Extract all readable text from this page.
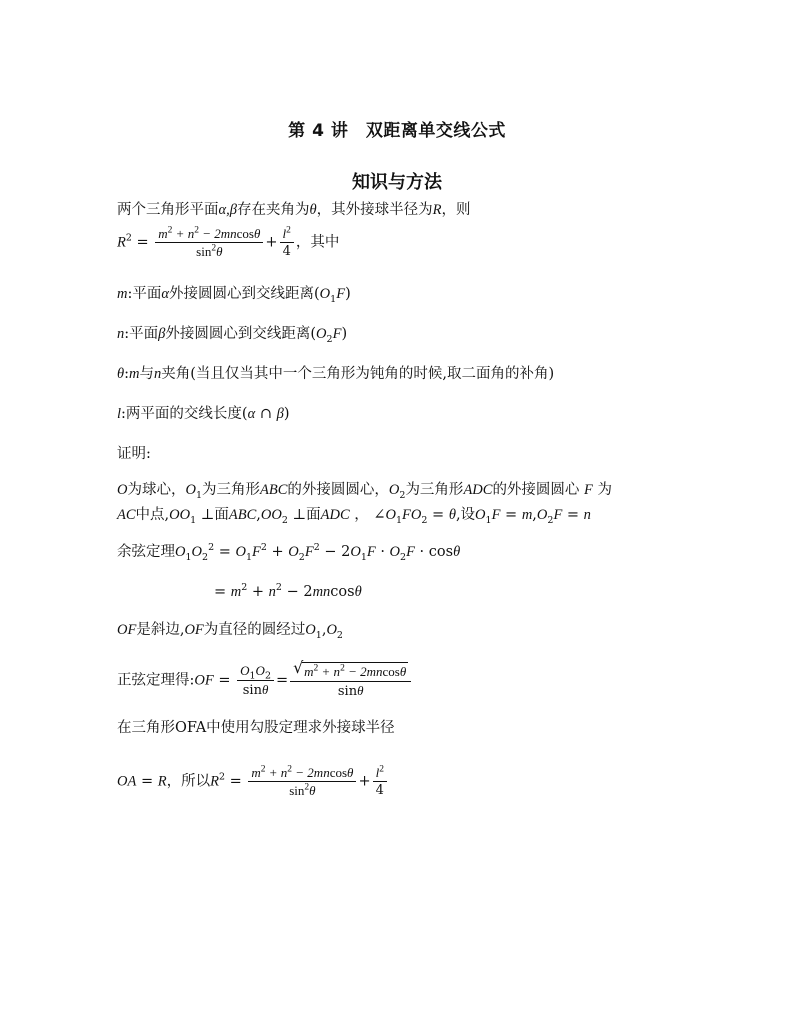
第 4 讲　双距离单交线公式
知识与方法
两个三角形平面α,β存在夹角为θ，其外接球半径为R，则
$R^2 = \frac{m^2 + n^2 - 2mncos\theta}{\sin^2\theta} + \frac{l^2}{4}$ ，其中
m:平面α外接圆圆心到交线距离$(O_1F)$
n:平面β外接圆圆心到交线距离$(O_2F)$
θ:m与n夹角(当且仅当其中一个三角形为钝角的时候,取二面角的补角)
l:两平面的交线长度(α ∩ β)
证明:
O为球心，$O_1$为三角形ABC的外接圆圆心，$O_2$为三角形ADC的外接圆圆心 F 为
AC中点$,OO_1$ ⊥面$ABC,OO_2$ ⊥面ADC ， $\angle O_1FO_2 = \theta$,设$O_1F = m,O_2F = n$
余弦定理$O_1O_2^2 = O_1F^2 + O_2F^2 - 2O_1F \cdot O_2F \cdot \cos\theta$
= $m^2 + n^2 - 2mncos\theta$
OF是斜边,OF为直径的圆经过$O_1,O_2$
正弦定理得:OF = $\frac{O_1O_2}{\sin\theta} = \frac{√ m^2 + n^2 - 2mncos\theta}{\sin\theta}$
在三角形OFA中使用勾股定理求外接球半径
OA = R，所以$R^2 = \frac{m^2 + n^2 - 2mncos\theta}{\sin^2\theta} + \frac{l^2}{4}$
